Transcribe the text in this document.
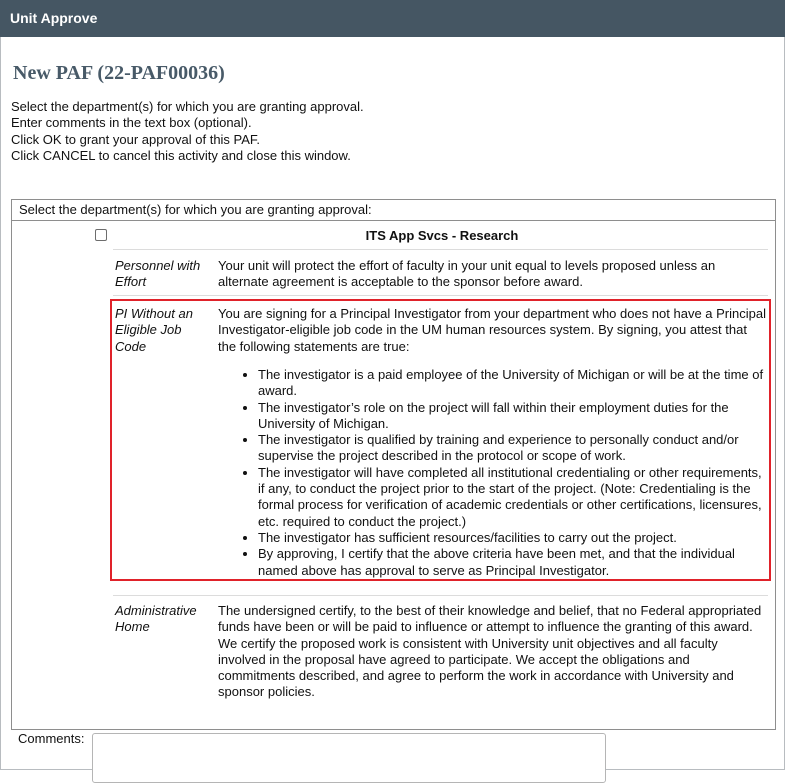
Unit Approve
New PAF (22-PAF00036)
Select the department(s) for which you are granting approval.
Enter comments in the text box (optional).
Click OK to grant your approval of this PAF.
Click CANCEL to cancel this activity and close this window.
Select the department(s) for which you are granting approval:
ITS App Svcs - Research
Personnel with Effort
Your unit will protect the effort of faculty in your unit equal to levels proposed unless an alternate agreement is acceptable to the sponsor before award.
PI Without an Eligible Job Code
You are signing for a Principal Investigator from your department who does not have a Principal Investigator-eligible job code in the UM human resources system. By signing, you attest that the following statements are true:
• The investigator is a paid employee of the University of Michigan or will be at the time of award.
• The investigator’s role on the project will fall within their employment duties for the University of Michigan.
• The investigator is qualified by training and experience to personally conduct and/or supervise the project described in the protocol or scope of work.
• The investigator will have completed all institutional credentialing or other requirements, if any, to conduct the project prior to the start of the project. (Note: Credentialing is the formal process for verification of academic credentials or other certifications, licensures, etc. required to conduct the project.)
• The investigator has sufficient resources/facilities to carry out the project.
• By approving, I certify that the above criteria have been met, and that the individual named above has approval to serve as Principal Investigator.
Administrative Home
The undersigned certify, to the best of their knowledge and belief, that no Federal appropriated funds have been or will be paid to influence or attempt to influence the granting of this award. We certify the proposed work is consistent with University unit objectives and all faculty involved in the proposal have agreed to participate. We accept the obligations and commitments described, and agree to perform the work in accordance with University and sponsor policies.
Comments:
